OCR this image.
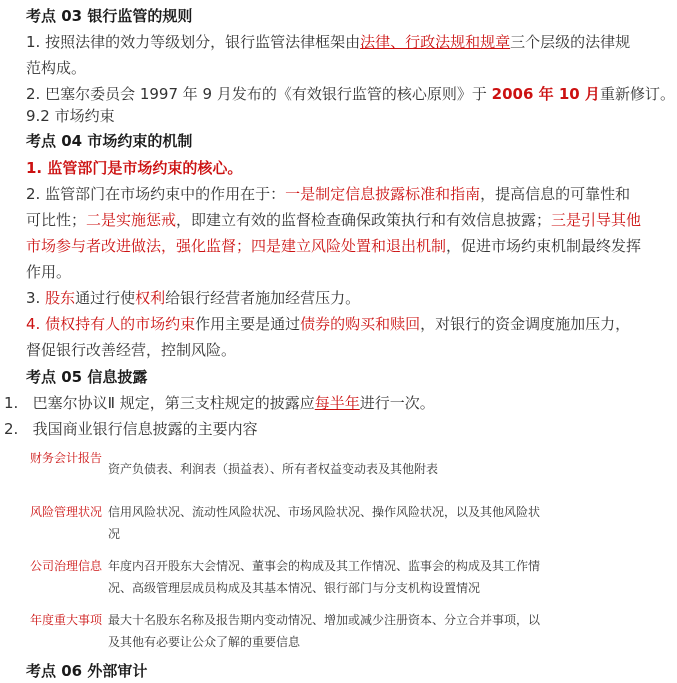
考点 03 银行监管的规则
1. 按照法律的效力等级划分，银行监管法律框架由法律、行政法规和规章三个层级的法律规
范构成。
2. 巴塞尔委员会 1997 年 9 月发布的《有效银行监管的核心原则》于 2006 年 10 月重新修订。
9.2 市场约束
考点 04 市场约束的机制
1. 监管部门是市场约束的核心。
2. 监管部门在市场约束中的作用在于：一是制定信息披露标准和指南，提高信息的可靠性和
可比性；二是实施惩戒，即建立有效的监督检查确保政策执行和有效信息披露；三是引导其他
市场参与者改进做法，强化监督；四是建立风险处置和退出机制，促进市场约束机制最终发挥
作用。
3. 股东通过行使权利给银行经营者施加经营压力。
4. 债权持有人的市场约束作用主要是通过债券的购买和赎回，对银行的资金调度施加压力，
督促银行改善经营，控制风险。
考点 05 信息披露
1. 巴塞尔协议Ⅱ 规定，第三支柱规定的披露应每半年进行一次。
2. 我国商业银行信息披露的主要内容
财务会计报告
资产负债表、利润表（损益表）、所有者权益变动表及其他附表
风险管理状况 信用风险状况、流动性风险状况、市场风险状况、操作风险状况，以及其他风险状况
公司治理信息 年度内召开股东大会情况、董事会的构成及其工作情况、监事会的构成及其工作情况、高级管理层成员构成及其基本情况、银行部门与分支机构设置情况
年度重大事项 最大十名股东名称及报告期内变动情况、增加或减少注册资本、分立合并事项，以及其他有必要让公众了解的重要信息
考点 06 外部审计
